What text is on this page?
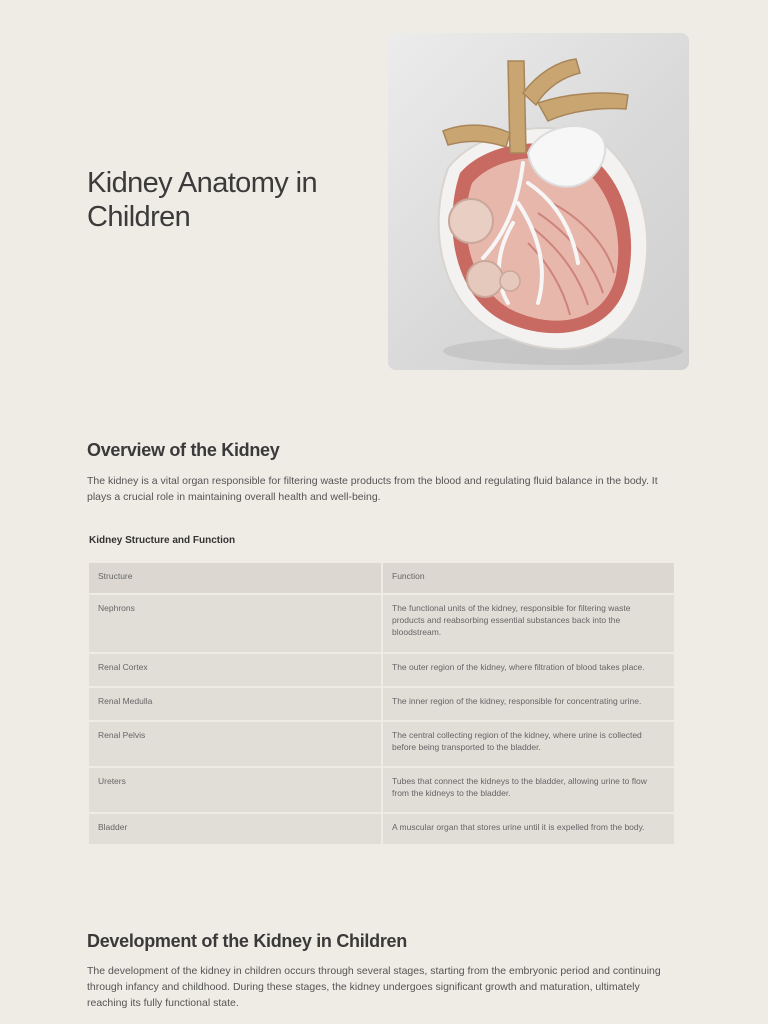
Kidney Anatomy in Children
Overview of the Kidney

The kidney is a vital organ responsible for filtering waste products from the blood and regulating fluid balance in the body. It plays a crucial role in maintaining overall health and well-being.

Kidney Structure and Function

Structure	Function
Nephrons	The functional units of the kidney, responsible for filtering waste products and reabsorbing essential substances back into the bloodstream.
Renal Cortex	The outer region of the kidney, where filtration of blood takes place.
Renal Medulla	The inner region of the kidney, responsible for concentrating urine.
Renal Pelvis	The central collecting region of the kidney, where urine is collected before being transported to the bladder.
Ureters	Tubes that connect the kidneys to the bladder, allowing urine to flow from the kidneys to the bladder.
Bladder	A muscular organ that stores urine until it is expelled from the body.
Development of the Kidney in Children

The development of the kidney in children occurs through several stages, starting from the embryonic period and continuing through infancy and childhood. During these stages, the kidney undergoes significant growth and maturation, ultimately reaching its fully functional state.
